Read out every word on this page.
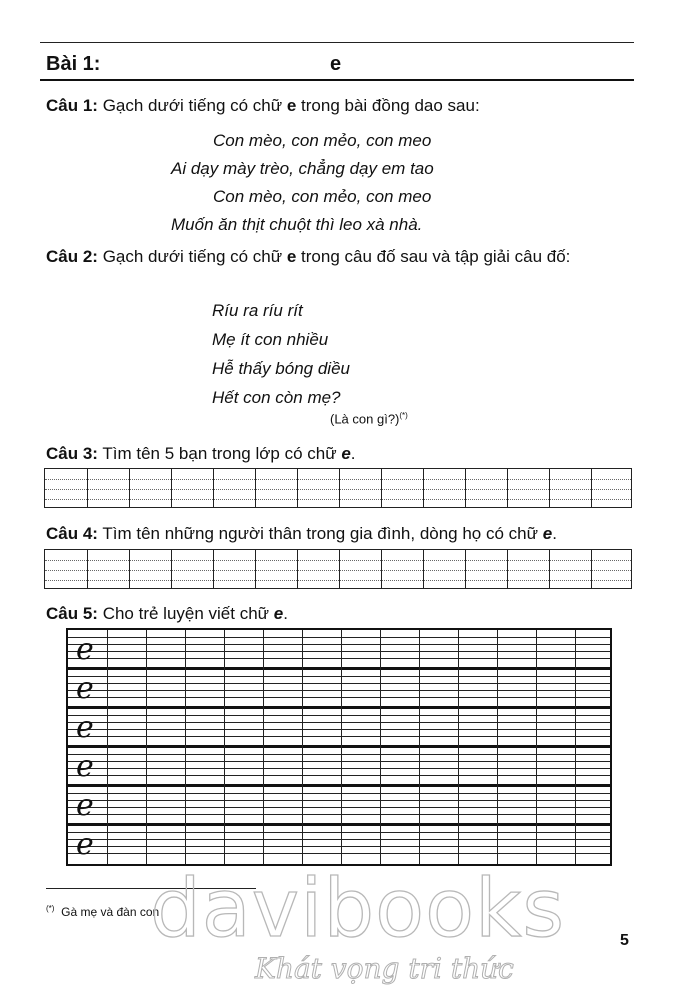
Bài 1:	e
Câu 1: Gạch dưới tiếng có chữ e trong bài đồng dao sau:
Con mèo, con mẻo, con meo
Ai dạy mày trèo, chẳng dạy em tao
Con mèo, con mẻo, con meo
Muốn ăn thịt chuột thì leo xà nhà.
Câu 2: Gạch dưới tiếng có chữ e trong câu đố sau và tập giải câu đố:
Ríu ra ríu rít
Mẹ ít con nhiều
Hễ thấy bóng diều
Hết con còn mẹ?
(Là con gì?)(*)
Câu 3: Tìm tên 5 bạn trong lớp có chữ e.
Câu 4: Tìm tên những người thân trong gia đình, dòng họ có chữ e.
Câu 5: Cho trẻ luyện viết chữ e.
e
e
e
e
e
e
(*) Gà mẹ và đàn con
5
davibooks
Khát vọng tri thức
